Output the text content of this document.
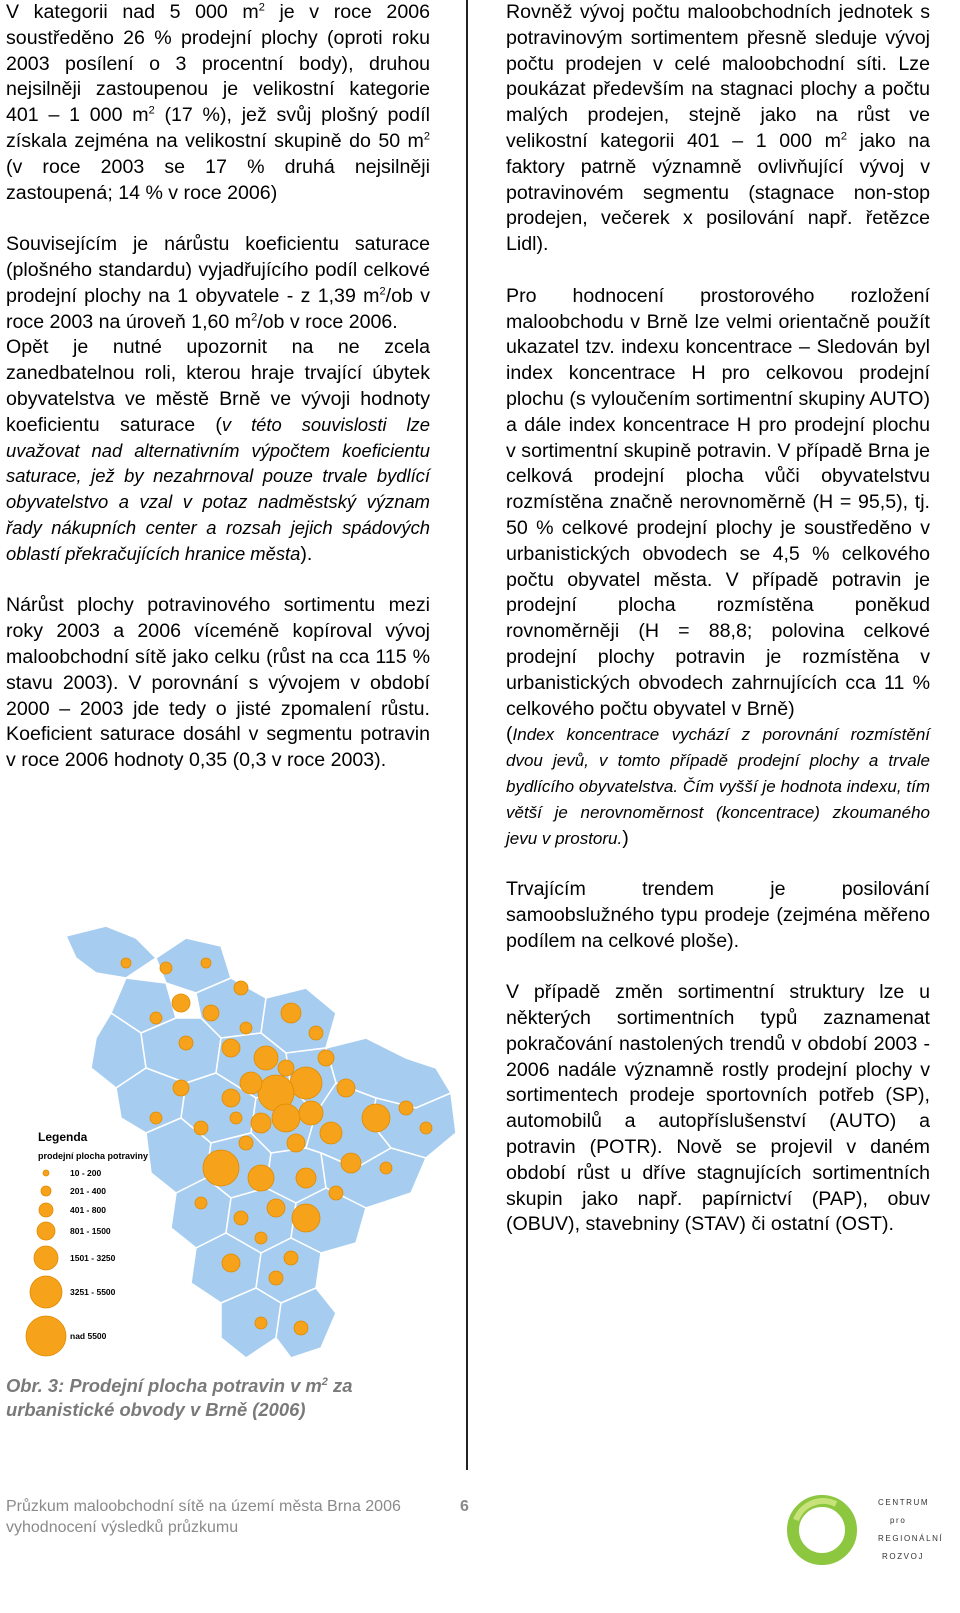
V kategorii nad 5 000 $m^2$ je v roce 2006 soustředěno 26 % prodejní plochy (oproti roku 2003 posílení o 3 procentní body), druhou nejsilněji zastoupenou je velikostní kategorie 401 – 1 000 $m^2$ (17 %), jež svůj plošný podíl získala zejména na velikostní skupině do 50 $m^2$ (v roce 2003 se 17 % druhá nejsilněji zastoupená; 14 % v roce 2006)

Souvisejícím je nárůstu koeficientu saturace (plošného standardu) vyjadřujícího podíl celkové prodejní plochy na 1 obyvatele - z 1,39 $m^2/ob$ v roce 2003 na úroveň 1,60 $m^2/ob$ v roce 2006.

Opět je nutné upozornit na ne zcela zanedbatelnou roli, kterou hraje trvající úbytek obyvatelstva ve městě Brně ve vývoji hodnoty koeficientu saturace (v této souvislosti lze uvažovat nad alternativním výpočtem koeficientu saturace, jež by nezahrnoval pouze trvale bydlící obyvatelstvo a vzal v potaz nadměstský význam řady nákupních center a rozsah jejich spádových oblastí překračujících hranice města).

Nárůst plochy potravinového sortimentu mezi roky 2003 a 2006 víceméně kopíroval vývoj maloobchodní sítě jako celku (růst na cca 115 % stavu 2003). V porovnání s vývojem v období 2000 – 2003 jde tedy o jisté zpomalení růstu. Koeficient saturace dosáhl v segmentu potravin v roce 2006 hodnoty 0,35 (0,3 v roce 2003).

Legenda
prodejní plocha potraviny
10 - 200
201 - 400
401 - 800
801 - 1500
1501 - 3250
3251 - 5500
nad 5500
Obr. 3: Prodejní plocha potravin v $m^2$ za urbanistické obvody v Brně (2006)

Rovněž vývoj počtu maloobchodních jednotek s potravinovým sortimentem přesně sleduje vývoj počtu prodejen v celé maloobchodní síti. Lze poukázat především na stagnaci plochy a počtu malých prodejen, stejně jako na růst ve velikostní kategorii 401 – 1 000 $m^2$ jako na faktory patrně významně ovlivňující vývoj v potravinovém segmentu (stagnace non-stop prodejen, večerek x posilování např. řetězce Lidl).

Pro hodnocení prostorového rozložení maloobchodu v Brně lze velmi orientačně použít ukazatel tzv. indexu koncentrace – Sledován byl index koncentrace H pro celkovou prodejní plochu (s vyloučením sortimentní skupiny AUTO) a dále index koncentrace H pro prodejní plochu v sortimentní skupině potravin. V případě Brna je celková prodejní plocha vůči obyvatelstvu rozmístěna značně nerovnoměrně (H = 95,5), tj. 50 % celkové prodejní plochy je soustředěno v urbanistických obvodech se 4,5 % celkového počtu obyvatel města. V případě potravin je prodejní plocha rozmístěna poněkud rovnoměrněji (H = 88,8; polovina celkové prodejní plochy potravin je rozmístěna v urbanistických obvodech zahrnujících cca 11 % celkového počtu obyvatel v Brně)

(Index koncentrace vychází z porovnání rozmístění dvou jevů, v tomto případě prodejní plochy a trvale bydlícího obyvatelstva. Čím vyšší je hodnota indexu, tím větší je nerovnoměrnost (koncentrace) zkoumaného jevu v prostoru.)

Trvajícím trendem je posilování samoobslužného typu prodeje (zejména měřeno podílem na celkové ploše).

V případě změn sortimentní struktury lze u některých sortimentních typů zaznamenat pokračování nastolených trendů v období 2003 - 2006 nadále významně rostly prodejní plochy v sortimentech prodeje sportovních potřeb (SP), automobilů a autopříslušenství (AUTO) a potravin (POTR). Nově se projevil v daném období růst u dříve stagnujících sortimentních skupin jako např. papírnictví (PAP), obuv (OBUV), stavebniny (STAV) či ostatní (OST).

Průzkum maloobchodní sítě na území města Brna 2006
vyhodnocení výsledků průzkumu
6	CENTRUM
pro
REGIONÁLNÍ
ROZVOJ
